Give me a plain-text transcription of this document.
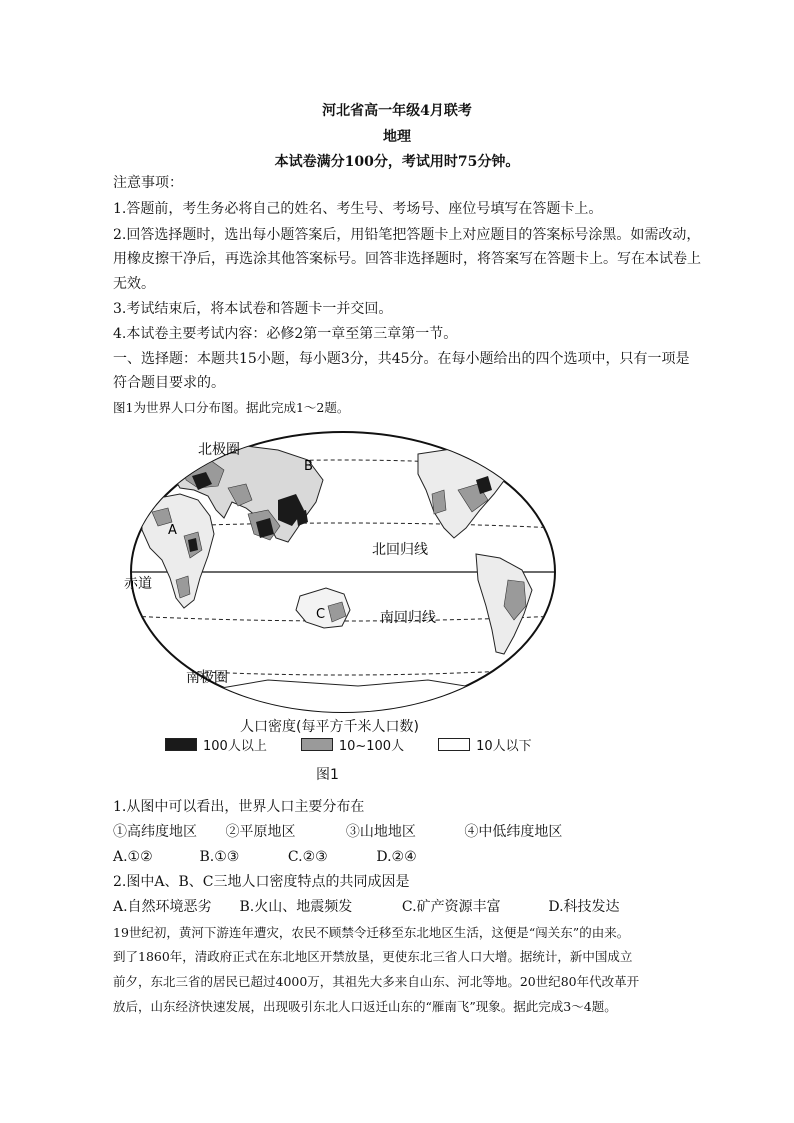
河北省高一年级4月联考
地理
本试卷满分100分，考试用时75分钟。
注意事项：
1.答题前，考生务必将自己的姓名、考生号、考场号、座位号填写在答题卡上。
2.回答选择题时，选出每小题答案后，用铅笔把答题卡上对应题目的答案标号涂黑。如需改动，
用橡皮擦干净后，再选涂其他答案标号。回答非选择题时，将答案写在答题卡上。写在本试卷上
无效。
3.考试结束后，将本试卷和答题卡一并交回。
4.本试卷主要考试内容：必修2第一章至第三章第一节。
一、选择题：本题共15小题，每小题3分，共45分。在每小题给出的四个选项中，只有一项是
符合题目要求的。
图1为世界人口分布图。据此完成1～2题。
北极圈
B
A
北回归线
赤道
C	南回归线
南极圈
人口密度(每平方千米人口数)
100人以上	10~100人	10人以下
图1
1.从图中可以看出，世界人口主要分布在
①高纬度地区 ②平原地区	③山地地区	④中低纬度地区
A.①②	B.①③	C.②③	D.②④
2.图中A、B、C三地人口密度特点的共同成因是
A.自然环境恶劣 B.火山、地震频发	C.矿产资源丰富	D.科技发达
19世纪初，黄河下游连年遭灾，农民不顾禁令迁移至东北地区生活，这便是“闯关东”的由来。
到了1860年，清政府正式在东北地区开禁放垦，更使东北三省人口大增。据统计，新中国成立
前夕，东北三省的居民已超过4000万，其祖先大多来自山东、河北等地。20世纪80年代改革开
放后，山东经济快速发展，出现吸引东北人口返迁山东的“雁南飞”现象。据此完成3～4题。
